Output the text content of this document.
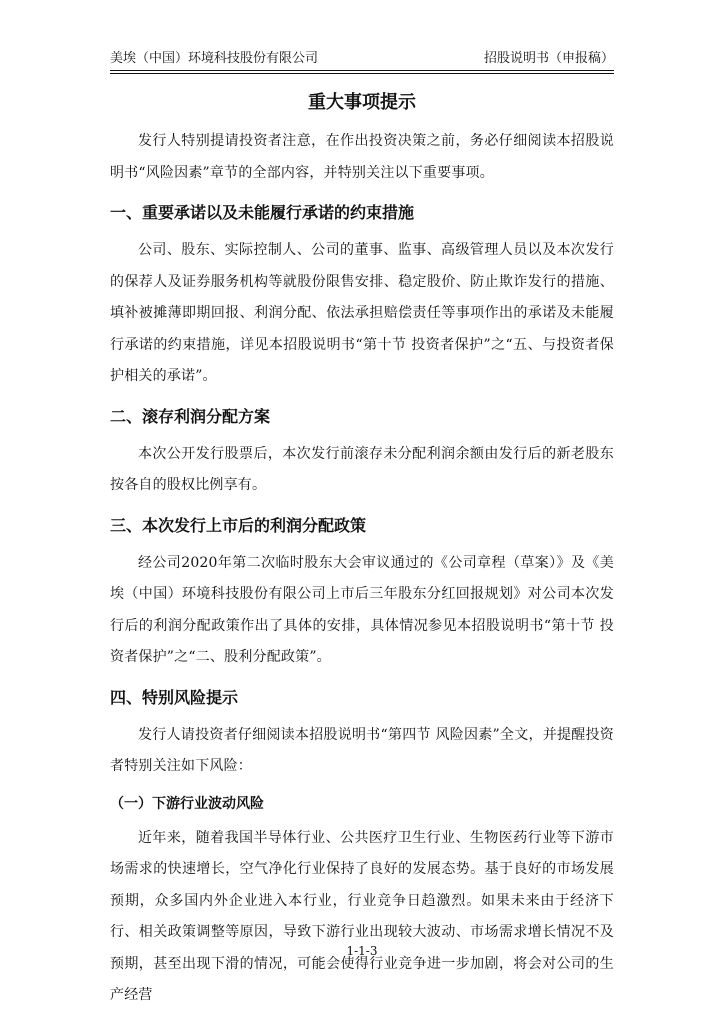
美埃（中国）环境科技股份有限公司	招股说明书（申报稿）
重大事项提示

发行人特别提请投资者注意，在作出投资决策之前，务必仔细阅读本招股说明书“风险因素”章节的全部内容，并特别关注以下重要事项。

一、重要承诺以及未能履行承诺的约束措施

公司、股东、实际控制人、公司的董事、监事、高级管理人员以及本次发行的保荐人及证券服务机构等就股份限售安排、稳定股价、防止欺诈发行的措施、填补被摊薄即期回报、利润分配、依法承担赔偿责任等事项作出的承诺及未能履行承诺的约束措施，详见本招股说明书“第十节 投资者保护”之“五、与投资者保护相关的承诺”。

二、滚存利润分配方案

本次公开发行股票后，本次发行前滚存未分配利润余额由发行后的新老股东按各自的股权比例享有。

三、本次发行上市后的利润分配政策

经公司2020年第二次临时股东大会审议通过的《公司章程（草案）》及《美埃（中国）环境科技股份有限公司上市后三年股东分红回报规划》对公司本次发行后的利润分配政策作出了具体的安排，具体情况参见本招股说明书“第十节 投资者保护”之“二、股利分配政策”。

四、特别风险提示

发行人请投资者仔细阅读本招股说明书“第四节 风险因素”全文，并提醒投资者特别关注如下风险：

（一）下游行业波动风险

近年来，随着我国半导体行业、公共医疗卫生行业、生物医药行业等下游市场需求的快速增长，空气净化行业保持了良好的发展态势。基于良好的市场发展预期，众多国内外企业进入本行业，行业竞争日趋激烈。如果未来由于经济下行、相关政策调整等原因，导致下游行业出现较大波动、市场需求增长情况不及预期，甚至出现下滑的情况，可能会使得行业竞争进一步加剧，将会对公司的生产经营

1-1-3
